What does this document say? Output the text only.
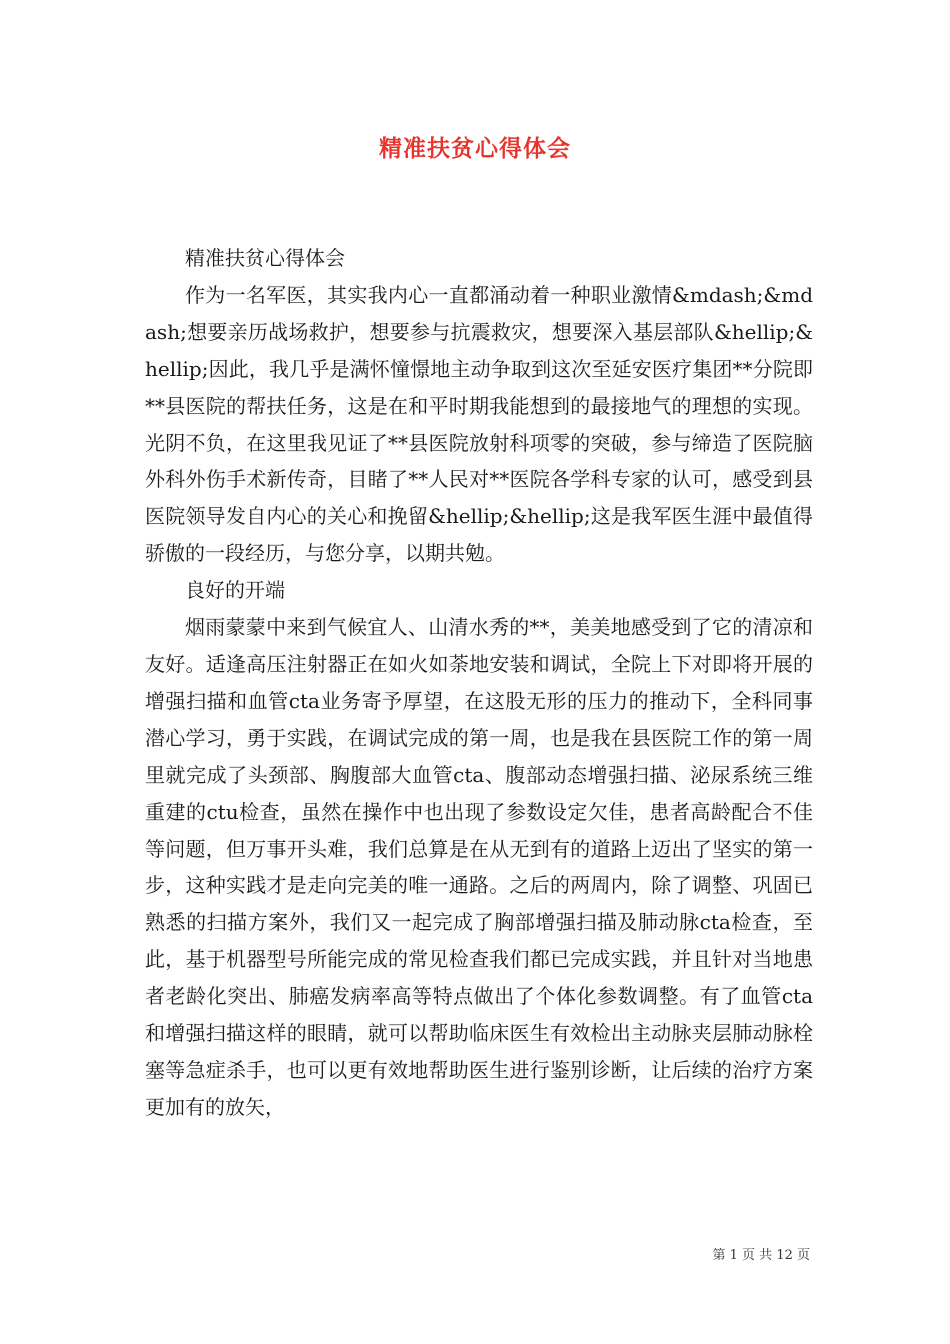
精准扶贫心得体会

精准扶贫心得体会

作为一名军医，其实我内心一直都涌动着一种职业激情&mdash;&mdash;想要亲历战场救护，想要参与抗震救灾，想要深入基层部队&hellip;&hellip;因此，我几乎是满怀憧憬地主动争取到这次至延安医疗集团**分院即**县医院的帮扶任务，这是在和平时期我能想到的最接地气的理想的实现。光阴不负，在这里我见证了**县医院放射科项零的突破，参与缔造了医院脑外科外伤手术新传奇，目睹了**人民对**医院各学科专家的认可，感受到县医院领导发自内心的关心和挽留&hellip;&hellip;这是我军医生涯中最值得骄傲的一段经历，与您分享，以期共勉。

良好的开端

烟雨蒙蒙中来到气候宜人、山清水秀的**，美美地感受到了它的清凉和友好。适逢高压注射器正在如火如荼地安装和调试，全院上下对即将开展的增强扫描和血管cta业务寄予厚望，在这股无形的压力的推动下，全科同事潜心学习，勇于实践，在调试完成的第一周，也是我在县医院工作的第一周里就完成了头颈部、胸腹部大血管cta、腹部动态增强扫描、泌尿系统三维重建的ctu检查，虽然在操作中也出现了参数设定欠佳，患者高龄配合不佳等问题，但万事开头难，我们总算是在从无到有的道路上迈出了坚实的第一步，这种实践才是走向完美的唯一通路。之后的两周内，除了调整、巩固已熟悉的扫描方案外，我们又一起完成了胸部增强扫描及肺动脉cta检查，至此，基于机器型号所能完成的常见检查我们都已完成实践，并且针对当地患者老龄化突出、肺癌发病率高等特点做出了个体化参数调整。有了血管cta和增强扫描这样的眼睛，就可以帮助临床医生有效检出主动脉夹层肺动脉栓塞等急症杀手，也可以更有效地帮助医生进行鉴别诊断，让后续的治疗方案更加有的放矢，

第 1 页 共 12 页
